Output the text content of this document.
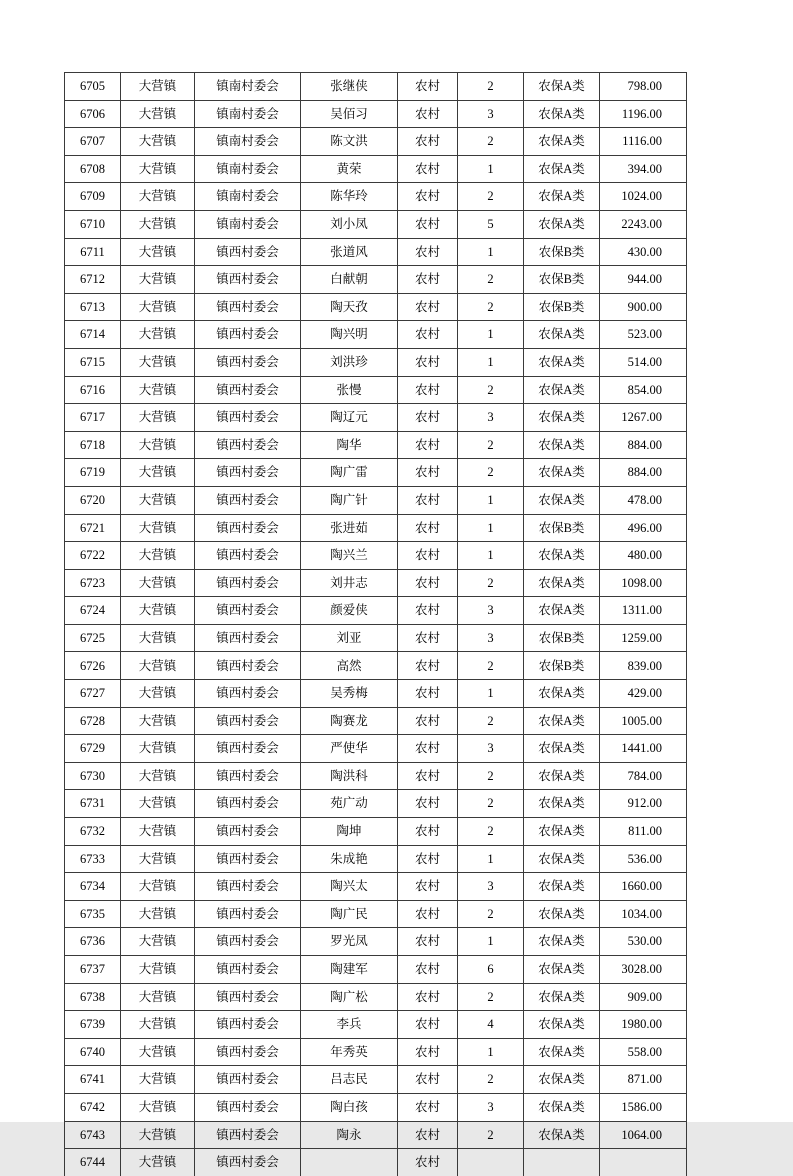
6705	大营镇	镇南村委会	张继侠	农村	2	农保A类	798.00
6706	大营镇	镇南村委会	吴佰习	农村	3	农保A类	1196.00
6707	大营镇	镇南村委会	陈文洪	农村	2	农保A类	1116.00
6708	大营镇	镇南村委会	黄荣	农村	1	农保A类	394.00
6709	大营镇	镇南村委会	陈华玲	农村	2	农保A类	1024.00
6710	大营镇	镇南村委会	刘小凤	农村	5	农保A类	2243.00
6711	大营镇	镇西村委会	张道风	农村	1	农保B类	430.00
6712	大营镇	镇西村委会	白献朝	农村	2	农保B类	944.00
6713	大营镇	镇西村委会	陶天孜	农村	2	农保B类	900.00
6714	大营镇	镇西村委会	陶兴明	农村	1	农保A类	523.00
6715	大营镇	镇西村委会	刘洪珍	农村	1	农保A类	514.00
6716	大营镇	镇西村委会	张慢	农村	2	农保A类	854.00
6717	大营镇	镇西村委会	陶辽元	农村	3	农保A类	1267.00
6718	大营镇	镇西村委会	陶华	农村	2	农保A类	884.00
6719	大营镇	镇西村委会	陶广雷	农村	2	农保A类	884.00
6720	大营镇	镇西村委会	陶广针	农村	1	农保A类	478.00
6721	大营镇	镇西村委会	张进茹	农村	1	农保B类	496.00
6722	大营镇	镇西村委会	陶兴兰	农村	1	农保A类	480.00
6723	大营镇	镇西村委会	刘井志	农村	2	农保A类	1098.00
6724	大营镇	镇西村委会	颜爱侠	农村	3	农保A类	1311.00
6725	大营镇	镇西村委会	刘亚	农村	3	农保B类	1259.00
6726	大营镇	镇西村委会	高然	农村	2	农保B类	839.00
6727	大营镇	镇西村委会	吴秀梅	农村	1	农保A类	429.00
6728	大营镇	镇西村委会	陶赛龙	农村	2	农保A类	1005.00
6729	大营镇	镇西村委会	严使华	农村	3	农保A类	1441.00
6730	大营镇	镇西村委会	陶洪科	农村	2	农保A类	784.00
6731	大营镇	镇西村委会	苑广动	农村	2	农保A类	912.00
6732	大营镇	镇西村委会	陶坤	农村	2	农保A类	811.00
6733	大营镇	镇西村委会	朱成艳	农村	1	农保A类	536.00
6734	大营镇	镇西村委会	陶兴太	农村	3	农保A类	1660.00
6735	大营镇	镇西村委会	陶广民	农村	2	农保A类	1034.00
6736	大营镇	镇西村委会	罗光凤	农村	1	农保A类	530.00
6737	大营镇	镇西村委会	陶建军	农村	6	农保A类	3028.00
6738	大营镇	镇西村委会	陶广松	农村	2	农保A类	909.00
6739	大营镇	镇西村委会	李兵	农村	4	农保A类	1980.00
6740	大营镇	镇西村委会	年秀英	农村	1	农保A类	558.00
6741	大营镇	镇西村委会	吕志民	农村	2	农保A类	871.00
6742	大营镇	镇西村委会	陶白孩	农村	3	农保A类	1586.00
6743	大营镇	镇西村委会	陶永	农村	2	农保A类	1064.00
6744	大营镇	镇西村委会		农村			
